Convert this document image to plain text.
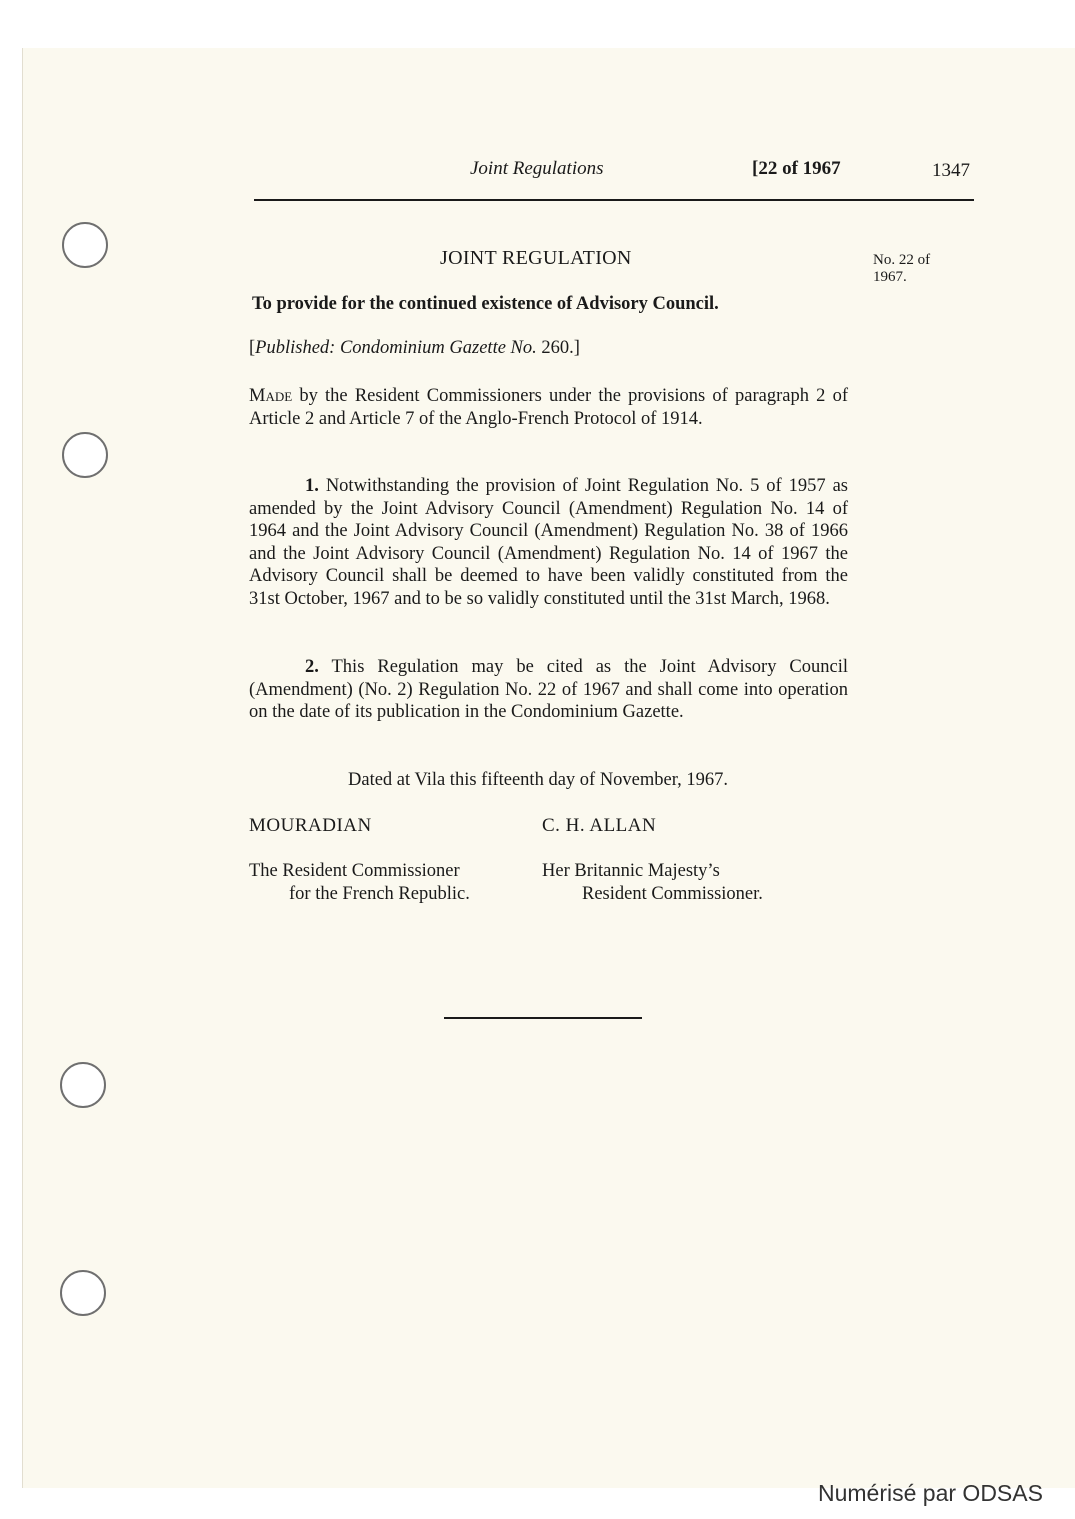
Joint Regulations	[22 of 1967	1347
JOINT REGULATION	No. 22 of 1967.
To provide for the continued existence of Advisory Council.
[Published: Condominium Gazette No. 260.]

Made by the Resident Commissioners under the provisions of paragraph 2 of Article 2 and Article 7 of the Anglo-French Protocol of 1914.

1. Notwithstanding the provision of Joint Regulation No. 5 of 1957 as amended by the Joint Advisory Council (Amendment) Regulation No. 14 of 1964 and the Joint Advisory Council (Amendment) Regulation No. 38 of 1966 and the Joint Advisory Council (Amendment) Regulation No. 14 of 1967 the Advisory Council shall be deemed to have been validly constituted from the 31st October, 1967 and to be so validly constituted until the 31st March, 1968.

2. This Regulation may be cited as the Joint Advisory Council (Amendment) (No. 2) Regulation No. 22 of 1967 and shall come into operation on the date of its publication in the Condominium Gazette.

Dated at Vila this fifteenth day of November, 1967.
MOURADIAN	C. H. ALLAN
The Resident Commissioner
for the French Republic.
Her Britannic Majesty’s
Resident Commissioner.
Numérisé par ODSAS
